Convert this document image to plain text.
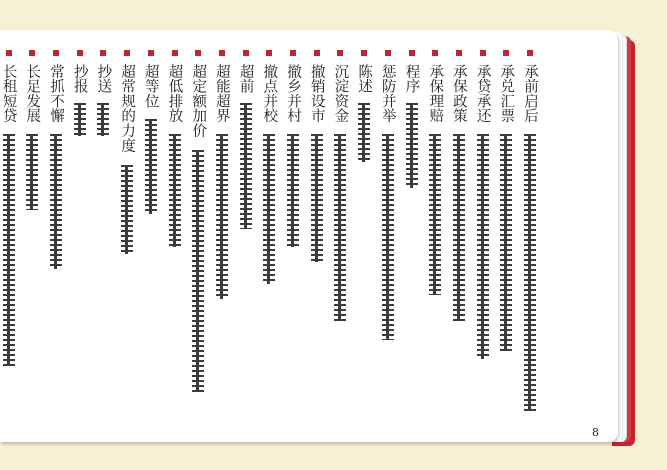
承前启后
承兑汇票
承贷承还
承保政策
承保理赔
程序
惩防并举
陈述
沉淀资金
撤销设市
撤乡并村
撤点并校
超前
超能超界
超定额加价
超低排放
超等位
超常规的力度
抄送
抄报
常抓不懈
长足发展
长租短贷
8
